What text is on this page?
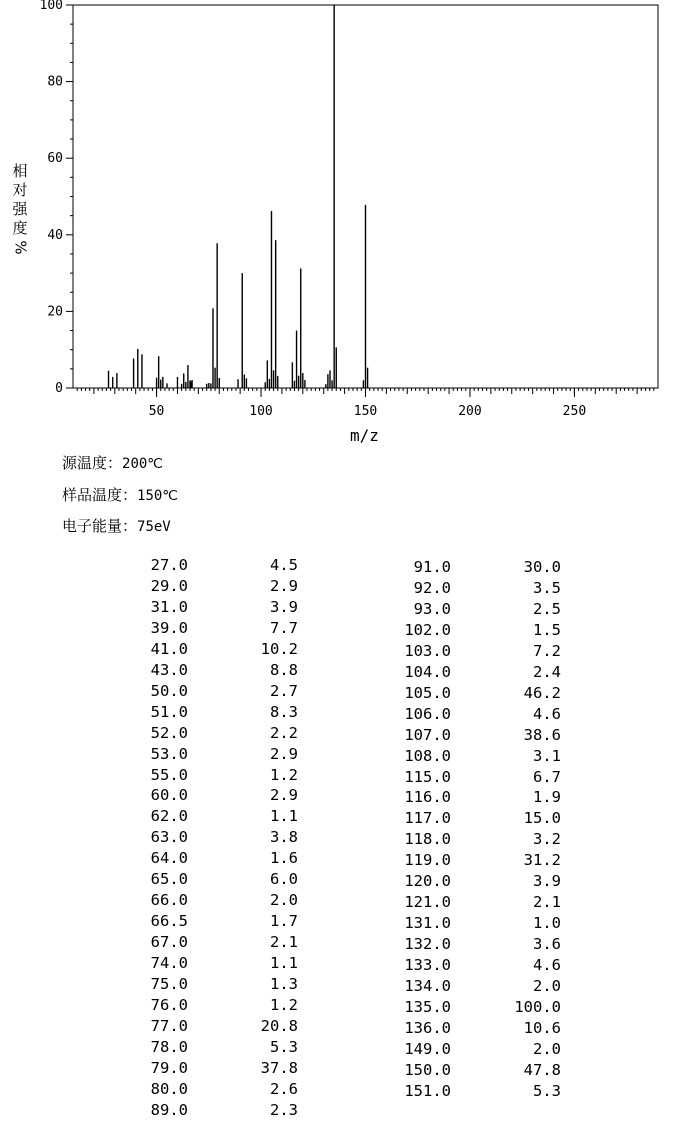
50	100	150	200	250
0
20
40
60
80
100
相
对
强
度
%
m/z
源温度：200℃
样品温度：150℃
电子能量：75eV
27.0	4.5
29.0	2.9
31.0	3.9
39.0	7.7
41.0	10.2
43.0	8.8
50.0	2.7
51.0	8.3
52.0	2.2
53.0	2.9
55.0	1.2
60.0	2.9
62.0	1.1
63.0	3.8
64.0	1.6
65.0	6.0
66.0	2.0
66.5	1.7
67.0	2.1
74.0	1.1
75.0	1.3
76.0	1.2
77.0	20.8
78.0	5.3
79.0	37.8
80.0	2.6
89.0	2.3
91.0	30.0
92.0	3.5
93.0	2.5
102.0	1.5
103.0	7.2
104.0	2.4
105.0	46.2
106.0	4.6
107.0	38.6
108.0	3.1
115.0	6.7
116.0	1.9
117.0	15.0
118.0	3.2
119.0	31.2
120.0	3.9
121.0	2.1
131.0	1.0
132.0	3.6
133.0	4.6
134.0	2.0
135.0	100.0
136.0	10.6
149.0	2.0
150.0	47.8
151.0	5.3
